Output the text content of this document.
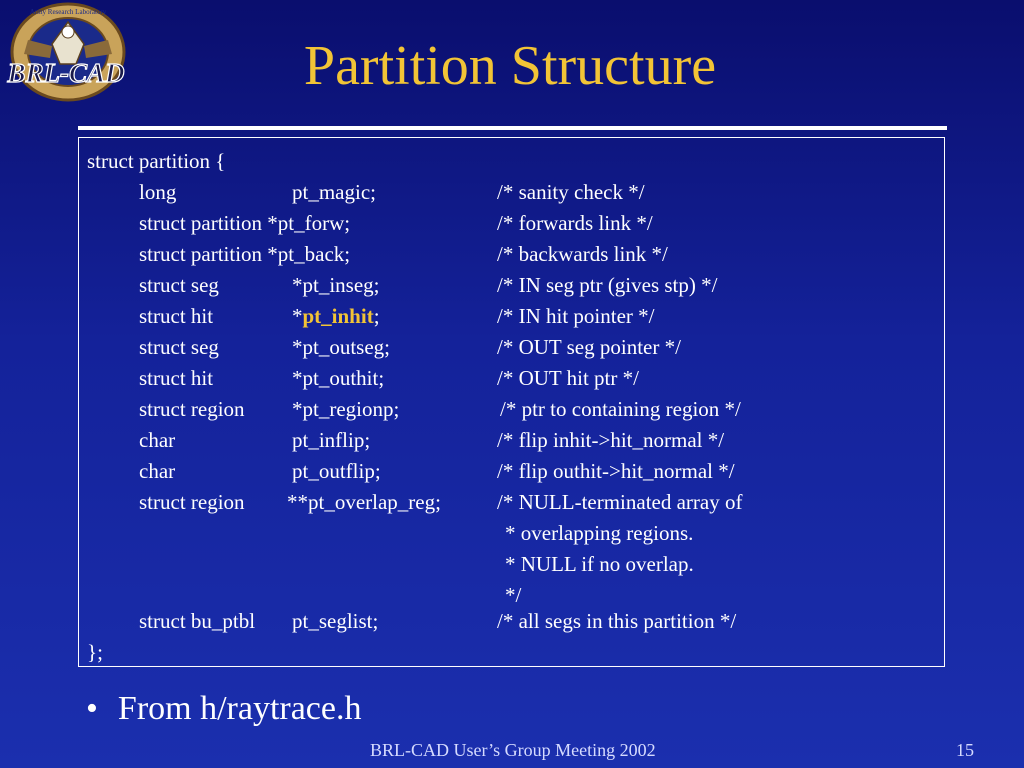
Army Research Laboratory
BRL-CAD	Partition Structure
struct partition {
long	pt_magic;	/* sanity check */
struct partition *pt_forw;	/* forwards link */
struct partition *pt_back;	/* backwards link */
struct seg	*pt_inseg;	/* IN seg ptr (gives stp) */
struct hit	*pt_inhit;	/* IN hit pointer */
struct seg	*pt_outseg;	/* OUT seg pointer */
struct hit	*pt_outhit;	/* OUT hit ptr */
struct region *pt_regionp;	/* ptr to containing region */
char	pt_inflip;	/* flip inhit->hit_normal */
char	pt_outflip;	/* flip outhit->hit_normal */
struct region **pt_overlap_reg;	/* NULL-terminated array of
* overlapping regions.
* NULL if no overlap.
*/
struct bu_ptbl pt_seglist;	/* all segs in this partition */
};
• From h/raytrace.h
BRL-CAD User’s Group Meeting 2002	15
